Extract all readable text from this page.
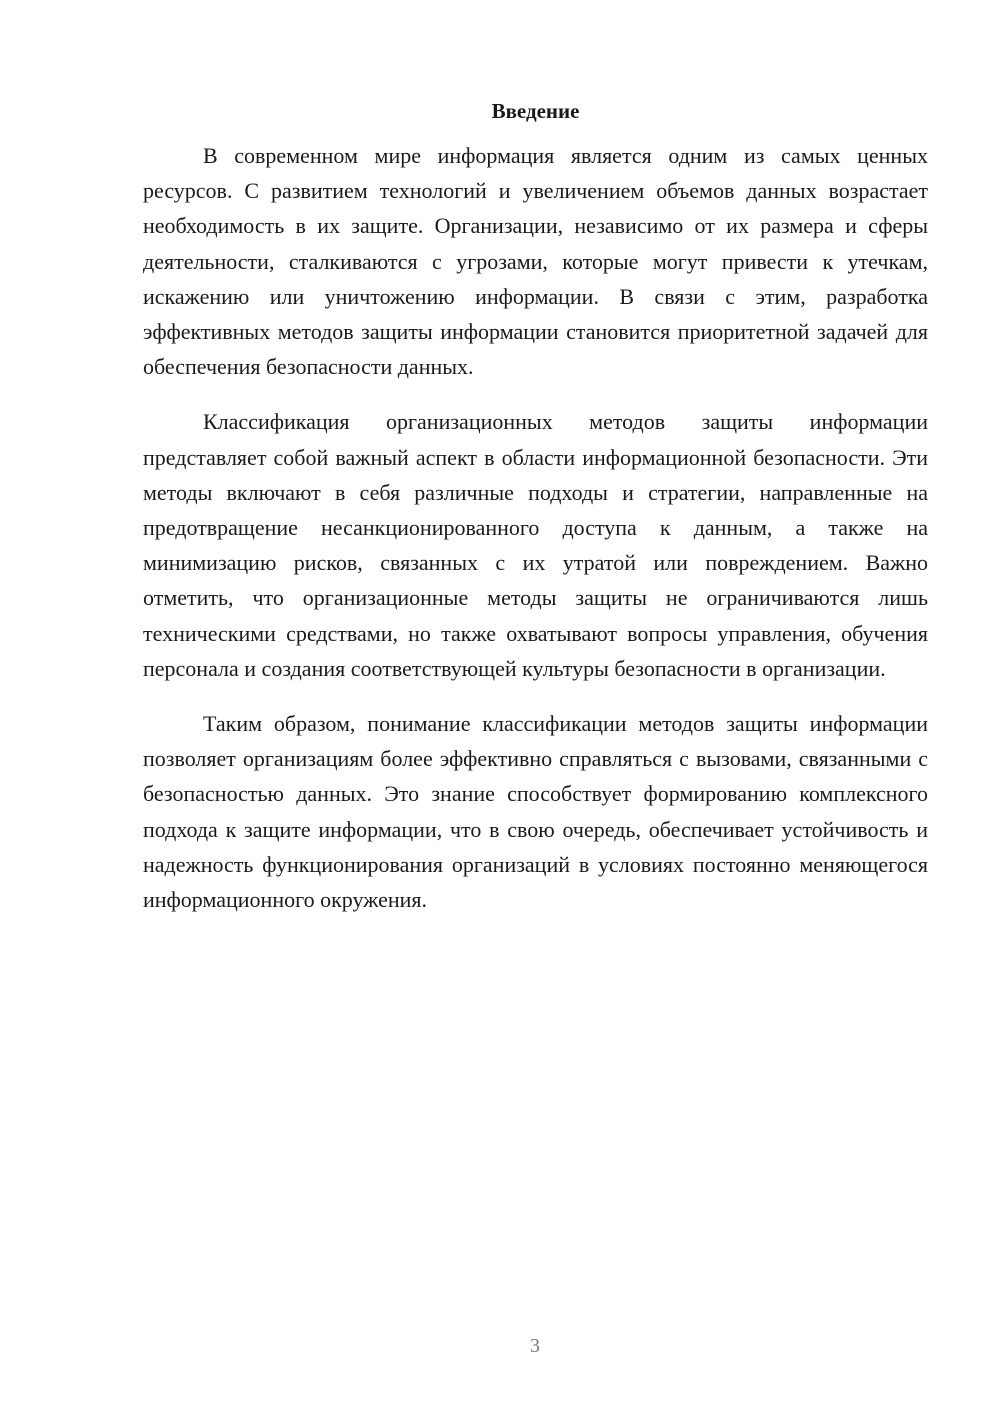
Введение

В современном мире информация является одним из самых ценных ресурсов. С развитием технологий и увеличением объемов данных возрастает необходимость в их защите. Организации, независимо от их размера и сферы деятельности, сталкиваются с угрозами, которые могут привести к утечкам, искажению или уничтожению информации. В связи с этим, разработка эффективных методов защиты информации становится приоритетной задачей для обеспечения безопасности данных.

Классификация организационных методов защиты информации представляет собой важный аспект в области информационной безопасности. Эти методы включают в себя различные подходы и стратегии, направленные на предотвращение несанкционированного доступа к данным, а также на минимизацию рисков, связанных с их утратой или повреждением. Важно отметить, что организационные методы защиты не ограничиваются лишь техническими средствами, но также охватывают вопросы управления, обучения персонала и создания соответствующей культуры безопасности в организации.

Таким образом, понимание классификации методов защиты информации позволяет организациям более эффективно справляться с вызовами, связанными с безопасностью данных. Это знание способствует формированию комплексного подхода к защите информации, что в свою очередь, обеспечивает устойчивость и надежность функционирования организаций в условиях постоянно меняющегося информационного окружения.

3
